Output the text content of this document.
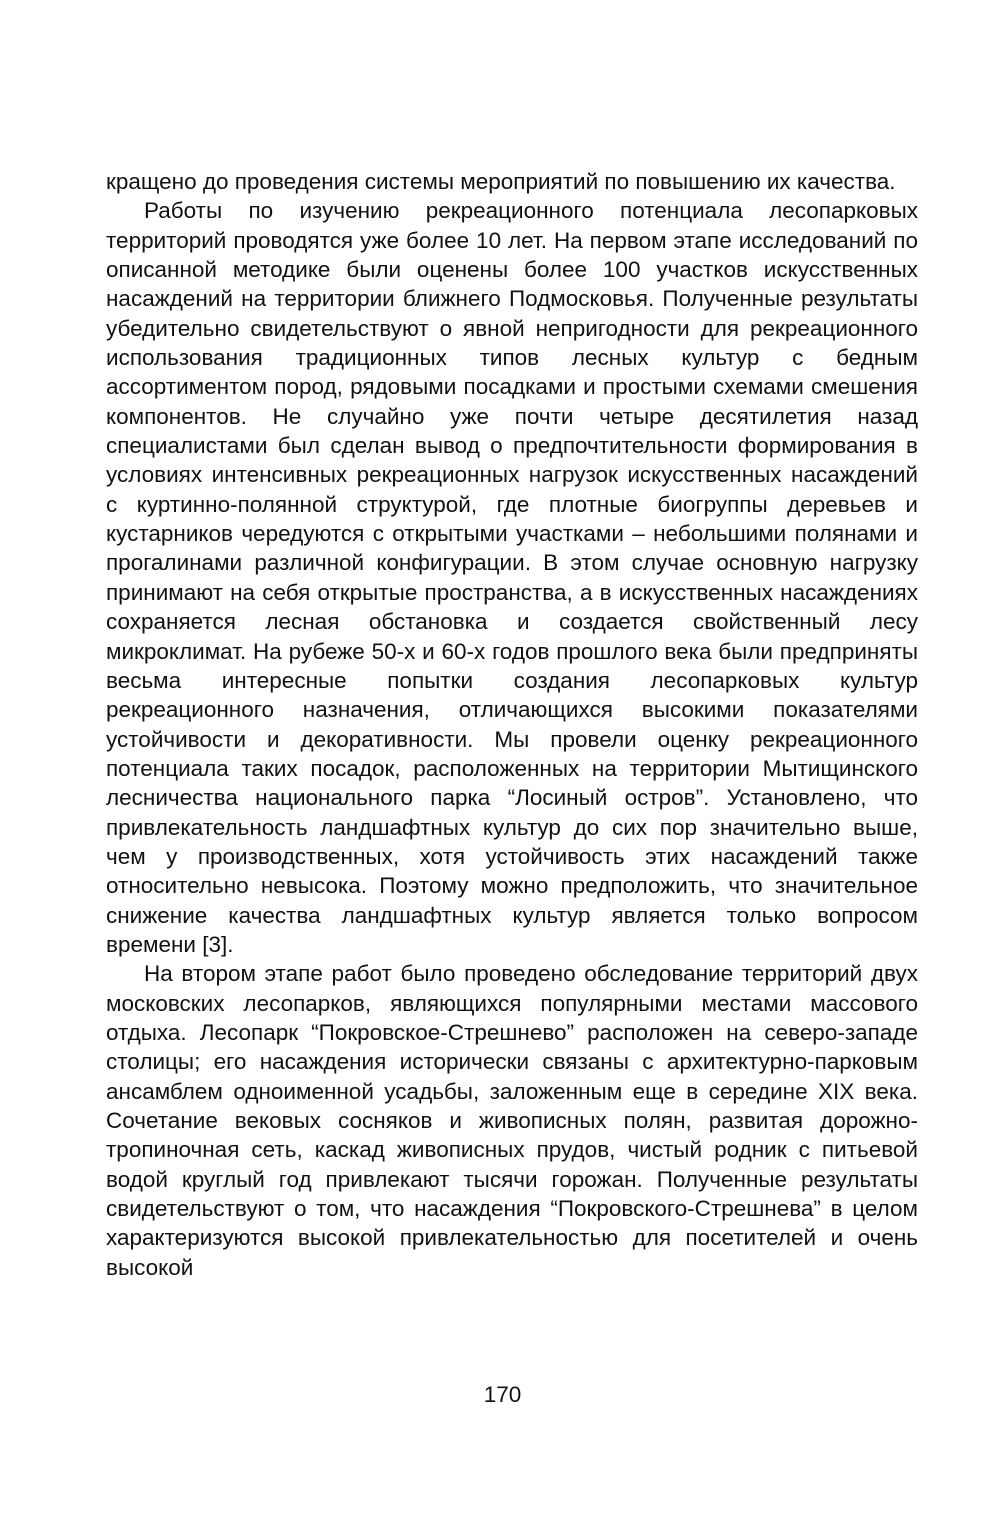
кращено до проведения системы мероприятий по повышению их качества.

Работы по изучению рекреационного потенциала лесопарковых территорий проводятся уже более 10 лет. На первом этапе исследований по описанной методике были оценены более 100 участков искусственных насаждений на территории ближнего Подмосковья. Полученные результаты убедительно свидетельствуют о явной непригодности для рекреационного использования традиционных типов лесных культур с бедным ассортиментом пород, рядовыми посадками и простыми схемами смешения компонентов. Не случайно уже почти четыре десятилетия назад специалистами был сделан вывод о предпочтительности формирования в условиях интенсивных рекреационных нагрузок искусственных насаждений с куртинно-полянной структурой, где плотные биогруппы деревьев и кустарников чередуются с открытыми участками – небольшими полянами и прогалинами различной конфигурации. В этом случае основную нагрузку принимают на себя открытые пространства, а в искусственных насаждениях сохраняется лесная обстановка и создается свойственный лесу микроклимат. На рубеже 50-х и 60-х годов прошлого века были предприняты весьма интересные попытки создания лесопарковых культур рекреационного назначения, отличающихся высокими показателями устойчивости и декоративности. Мы провели оценку рекреационного потенциала таких посадок, расположенных на территории Мытищинского лесничества национального парка “Лосиный остров”. Установлено, что привлекательность ландшафтных культур до сих пор значительно выше, чем у производственных, хотя устойчивость этих насаждений также относительно невысока. Поэтому можно предположить, что значительное снижение качества ландшафтных культур является только вопросом времени [3].

На втором этапе работ было проведено обследование территорий двух московских лесопарков, являющихся популярными местами массового отдыха. Лесопарк “Покровское-Стрешнево” расположен на северо-западе столицы; его насаждения исторически связаны с архитектурно-парковым ансамблем одноименной усадьбы, заложенным еще в середине XIX века. Сочетание вековых сосняков и живописных полян, развитая дорожно-тропиночная сеть, каскад живописных прудов, чистый родник с питьевой водой круглый год привлекают тысячи горожан. Полученные результаты свидетельствуют о том, что насаждения “Покровского-Стрешнева” в целом характеризуются высокой привлекательностью для посетителей и очень высокой

170
